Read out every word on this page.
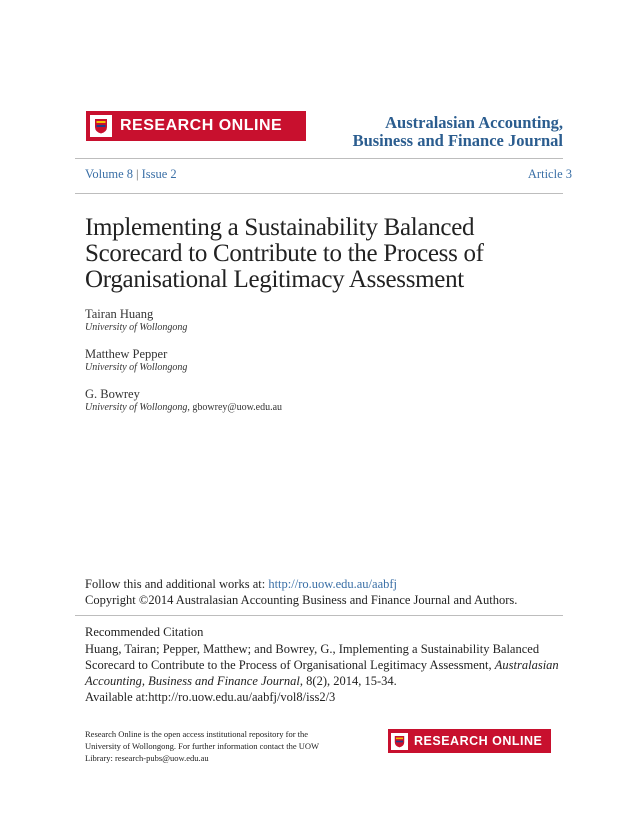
RESEARCH ONLINE	Australasian Accounting,
Business and Finance Journal
Volume 8 | Issue 2	Article 3
Implementing a Sustainability Balanced Scorecard to Contribute to the Process of Organisational Legitimacy Assessment
Tairan Huang
University of Wollongong
Matthew Pepper
University of Wollongong
G. Bowrey
University of Wollongong, gbowrey@uow.edu.au
Follow this and additional works at: http://ro.uow.edu.au/aabfj
Copyright ©2014 Australasian Accounting Business and Finance Journal and Authors.
Recommended Citation
Huang, Tairan; Pepper, Matthew; and Bowrey, G., Implementing a Sustainability Balanced Scorecard to Contribute to the Process of Organisational Legitimacy Assessment, Australasian Accounting, Business and Finance Journal, 8(2), 2014, 15-34.
Available at:http://ro.uow.edu.au/aabfj/vol8/iss2/3
Research Online is the open access institutional repository for the University of Wollongong. For further information contact the UOW Library: research-pubs@uow.edu.au
RESEARCH ONLINE
